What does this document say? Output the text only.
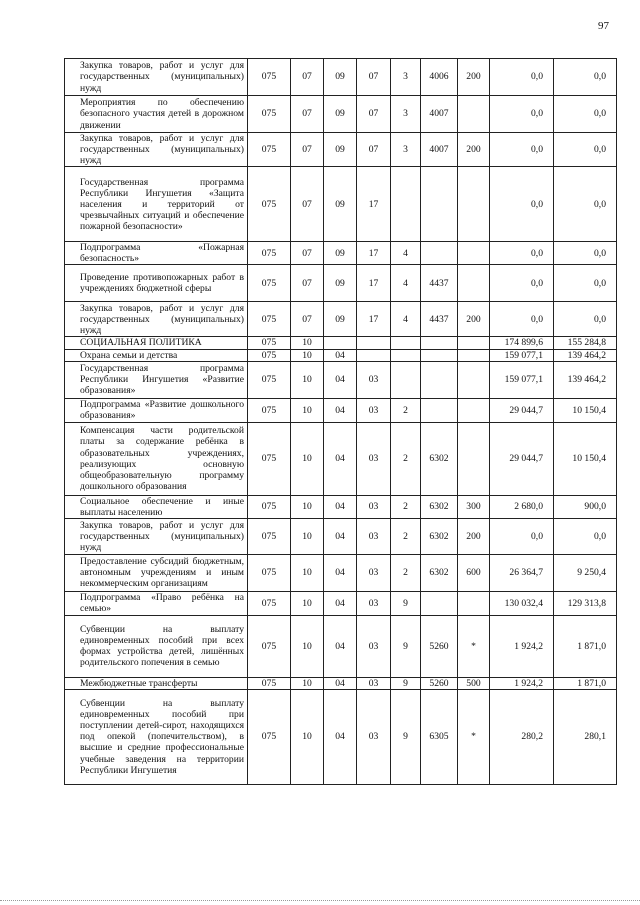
97
Закупка товаров, работ и услуг для государственных (муниципальных) нужд	075	07	09	07	3	4006	200	0,0	0,0
Мероприятия по обеспечению безопасного участия детей в дорожном движении	075	07	09	07	3	4007		0,0	0,0
Закупка товаров, работ и услуг для государственных (муниципальных) нужд	075	07	09	07	3	4007	200	0,0	0,0
Государственная программа Республики Ингушетия «Защита населения и территорий от чрезвычайных ситуаций и обеспечение пожарной безопасности»	075	07	09	17				0,0	0,0
Подпрограмма «Пожарная безопасность»	075	07	09	17	4			0,0	0,0
Проведение противопожарных работ в учреждениях бюджетной сферы	075	07	09	17	4	4437		0,0	0,0
Закупка товаров, работ и услуг для государственных (муниципальных) нужд	075	07	09	17	4	4437	200	0,0	0,0
СОЦИАЛЬНАЯ ПОЛИТИКА	075	10						174 899,6	155 284,8
Охрана семьи и детства	075	10	04					159 077,1	139 464,2
Государственная программа Республики Ингушетия «Развитие образования»	075	10	04	03				159 077,1	139 464,2
Подпрограмма «Развитие дошкольного образования»	075	10	04	03	2			29 044,7	10 150,4
Компенсация части родительской платы за содержание ребёнка в образовательных учреждениях, реализующих основную общеобразовательную программу дошкольного образования	075	10	04	03	2	6302		29 044,7	10 150,4
Социальное обеспечение и иные выплаты населению	075	10	04	03	2	6302	300	2 680,0	900,0
Закупка товаров, работ и услуг для государственных (муниципальных) нужд	075	10	04	03	2	6302	200	0,0	0,0
Предоставление субсидий бюджетным, автономным учреждениям и иным некоммерческим организациям	075	10	04	03	2	6302	600	26 364,7	9 250,4
Подпрограмма «Право ребёнка на семью»	075	10	04	03	9			130 032,4	129 313,8
Субвенции на выплату единовременных пособий при всех формах устройства детей, лишённых родительского попечения в семью	075	10	04	03	9	5260	*	1 924,2	1 871,0
Межбюджетные трансферты	075	10	04	03	9	5260	500	1 924,2	1 871,0
Субвенции на выплату единовременных пособий при поступлении детей-сирот, находящихся под опекой (попечительством), в высшие и средние профессиональные учебные заведения на территории Республики Ингушетия	075	10	04	03	9	6305	*	280,2	280,1
